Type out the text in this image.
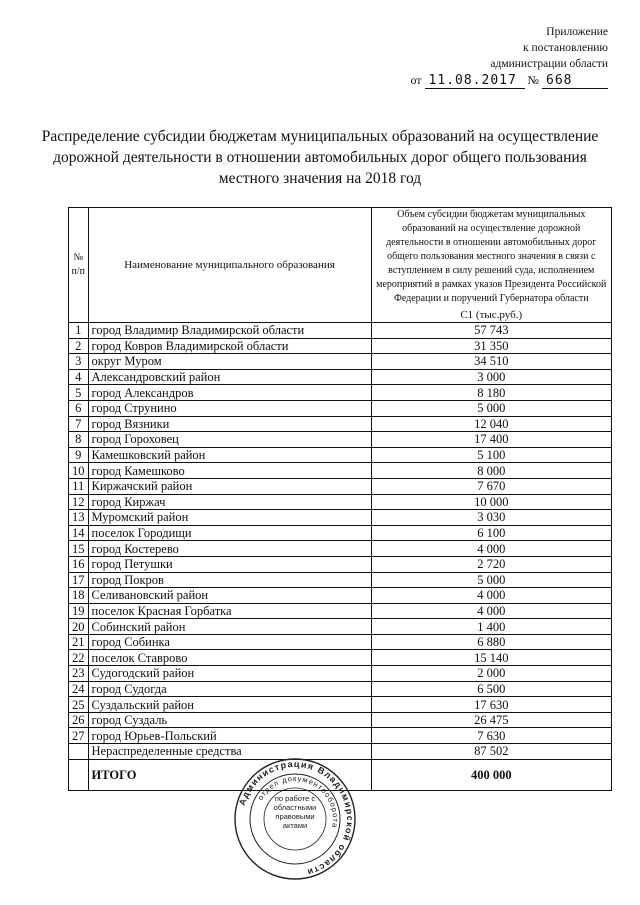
Приложение
к постановлению
администрации области
от 11.08.2017 № 668
Распределение субсидии бюджетам муниципальных образований на осуществление
дорожной деятельности в отношении автомобильных дорог общего пользования
местного значения на 2018 год
№ п/п	Наименование муниципального образования	Объем субсидии бюджетам муниципальных образований на осуществление дорожной деятельности в отношении автомобильных дорог общего пользования местного значения в связи с вступлением в силу решений суда, исполнением мероприятий в рамках указов Президента Российской Федерации и поручений Губернатора области
С1 (тыс.руб.)

1	город Владимир Владимирской области	57 743
2	город Ковров Владимирской области	31 350
3	округ Муром	34 510
4	Александровский район	3 000
5	город Александров	8 180
6	город Струнино	5 000
7	город Вязники	12 040
8	город Гороховец	17 400
9	Камешковский район	5 100
10	город Камешково	8 000
11	Киржачский район	7 670
12	город Киржач	10 000
13	Муромский район	3 030
14	поселок Городищи	6 100
15	город Костерево	4 000
16	город Петушки	2 720
17	город Покров	5 000
18	Селивановский район	4 000
19	поселок Красная Горбатка	4 000
20	Собинский район	1 400
21	город Собинка	6 880
22	поселок Ставрово	15 140
23	Судогодский район	2 000
24	город Судогда	6 500
25	Суздальский район	17 630
26	город Суздаль	26 475
27	город Юрьев-Польский	7 630
	Нераспределенные средства	87 502
	ИТОГО	400 000
Администрация Владимирской области
отдел документооборота
по работе с областными правовыми актами
